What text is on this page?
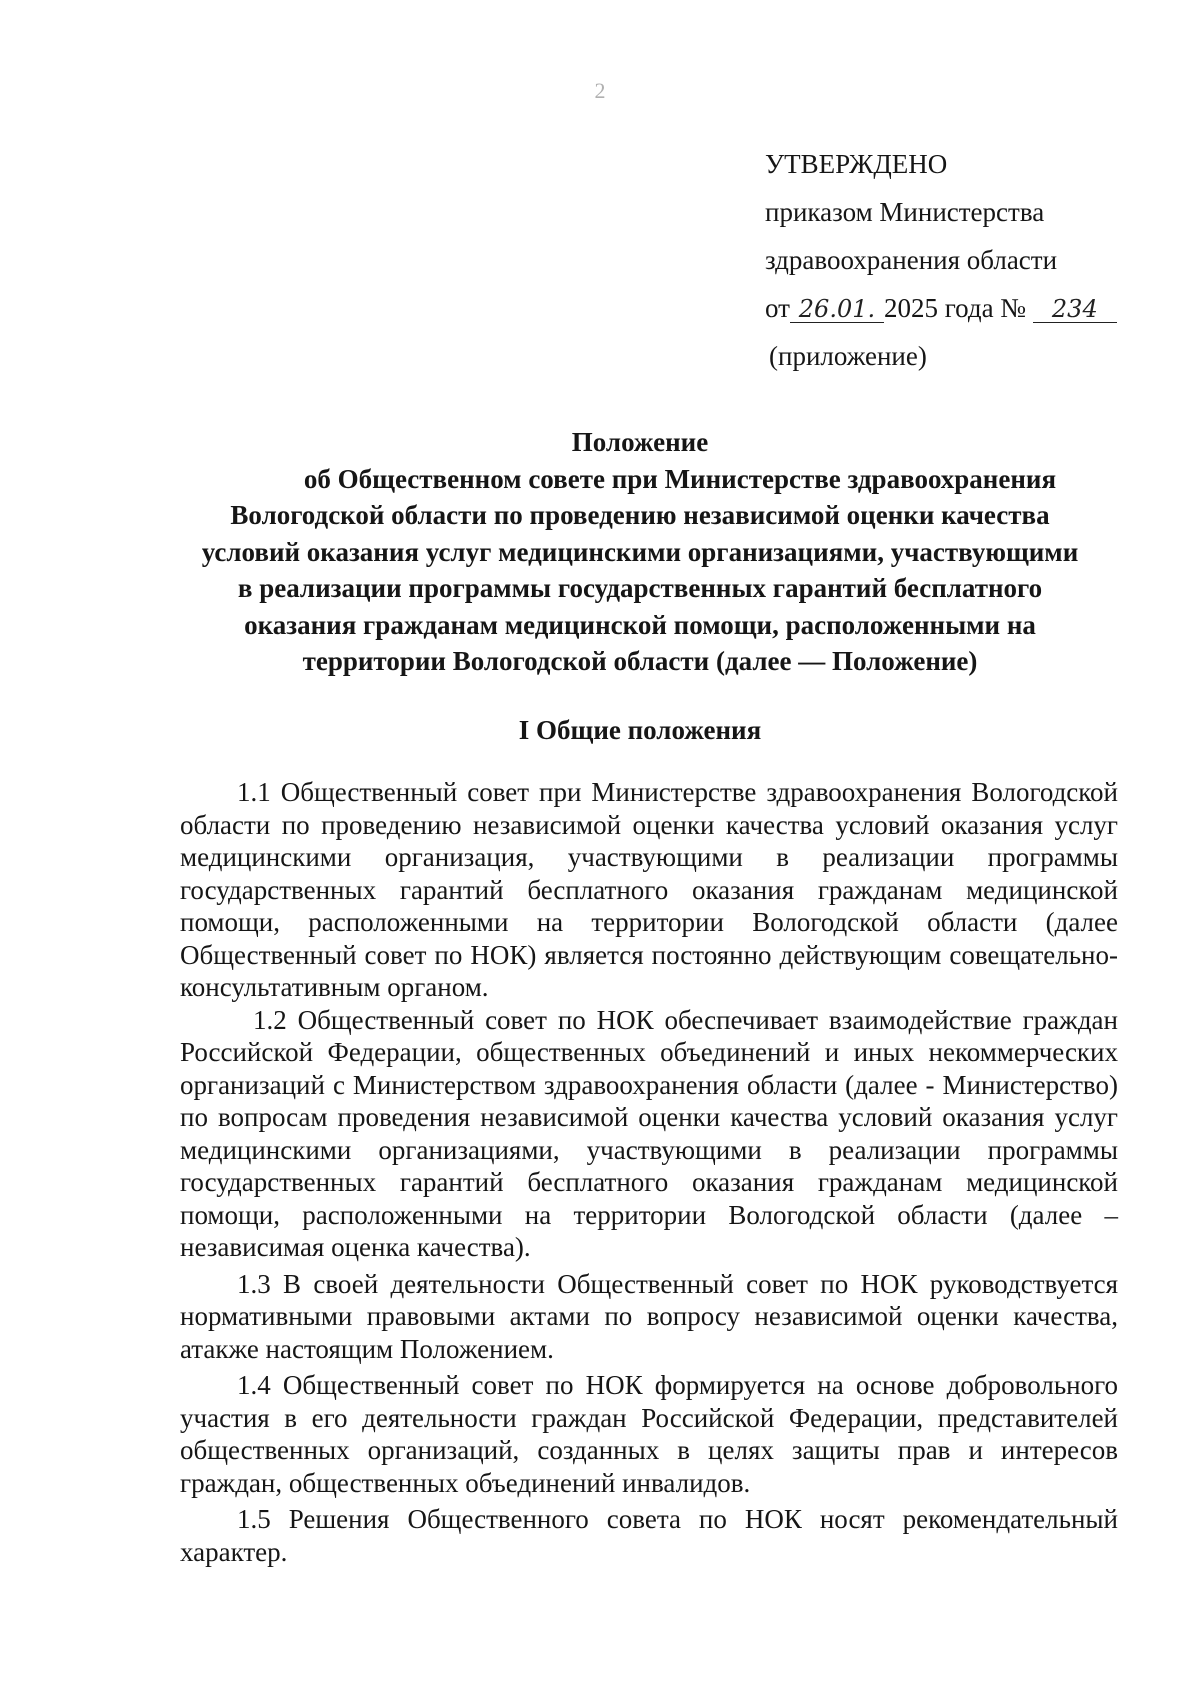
2
УТВЕРЖДЕНО
приказом Министерства
здравоохранения области
от 26.01. 2025 года № 234
(приложение)
Положение
об Общественном совете при Министерстве здравоохранения
Вологодской области по проведению независимой оценки качества
условий оказания услуг медицинскими организациями, участвующими
в реализации программы государственных гарантий бесплатного
оказания гражданам медицинской помощи, расположенными на
территории Вологодской области (далее — Положение)
I Общие положения

1.1 Общественный совет при Министерстве здравоохранения Вологодской области по проведению независимой оценки качества условий оказания услуг медицинскими организация, участвующими в реализации программы государственных гарантий бесплатного оказания гражданам медицинской помощи, расположенными на территории Вологодской области (далее Общественный совет по НОК) является постоянно действующим совещательно-консультативным органом.

1.2 Общественный совет по НОК обеспечивает взаимодействие граждан Российской Федерации, общественных объединений и иных некоммерческих организаций с Министерством здравоохранения области (далее - Министерство) по вопросам проведения независимой оценки качества условий оказания услуг медицинскими организациями, участвующими в реализации программы государственных гарантий бесплатного оказания гражданам медицинской помощи, расположенными на территории Вологодской области (далее – независимая оценка качества).

1.3 В своей деятельности Общественный совет по НОК руководствуется нормативными правовыми актами по вопросу независимой оценки качества, атакже настоящим Положением.

1.4 Общественный совет по НОК формируется на основе добровольного участия в его деятельности граждан Российской Федерации, представителей общественных организаций, созданных в целях защиты прав и интересов граждан, общественных объединений инвалидов.

1.5 Решения Общественного совета по НОК носят рекомендательный характер.
